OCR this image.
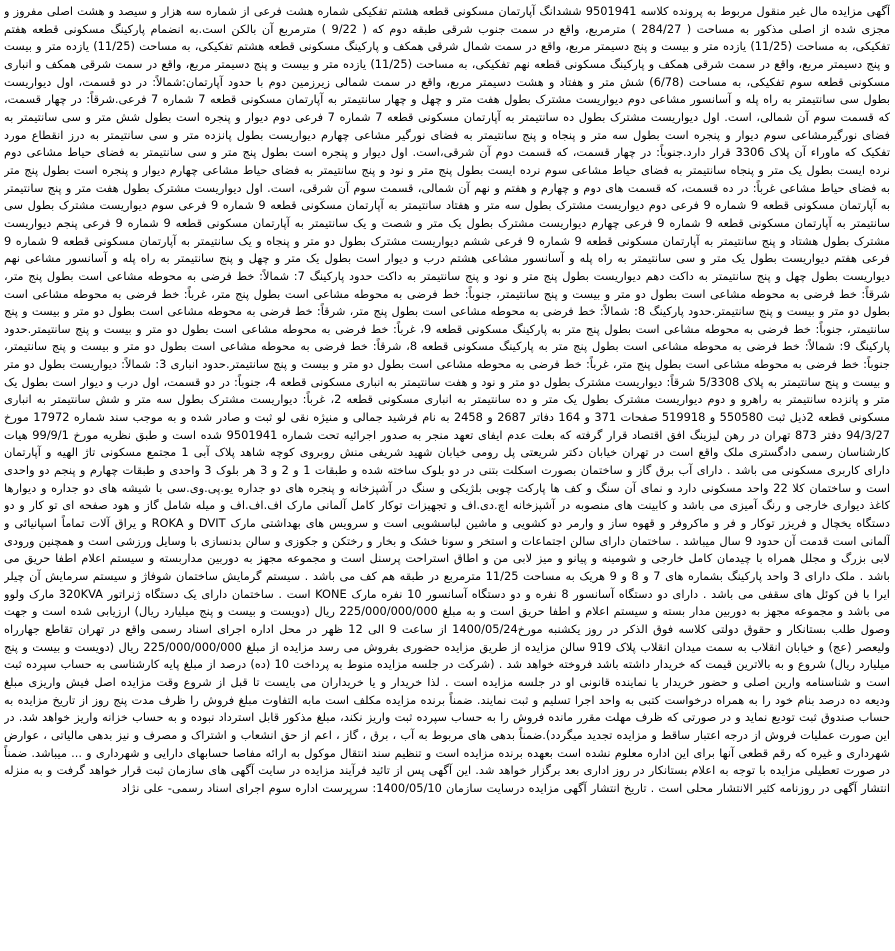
آگهی مزایده مال غیر منقول مربوط به پرونده کلاسه 9501941 ششدانگ آپارتمان مسکونی قطعه هشتم تفکیکی شماره هشت فرعی از شماره سه هزار و سیصد و هشت اصلی مفروز و مجزی شده از اصلی مذکور به مساحت ( 284/27 ) مترمربع، واقع در سمت جنوب شرقی طبقه دوم که ( 9/22 ) مترمربع آن بالکن است.به انضمام پارکینگ مسکونی قطعه هفتم تفکیکی، به مساحت (11/25) یازده متر و بیست و پنج دسیمتر مربع، واقع در سمت شمال شرقی همکف و پارکینگ مسکونی قطعه هشتم تفکیکی، به مساحت (11/25) یازده متر و بیست و پنج دسیمتر مربع، واقع در سمت شرقی همکف و پارکینگ مسکونی قطعه نهم تفکیکی، به مساحت (11/25) یازده متر و بیست و پنج دسیمتر مربع، واقع در سمت شرقی همکف و انباری مسکونی قطعه سوم تفکیکی، به مساحت (6/78) شش متر و هفتاد و هشت دسیمتر مربع، واقع در سمت شمالی زیرزمین دوم با حدود آپارتمان:شمالاً: در دو قسمت، اول دیواریست بطول سی سانتیمتر به راه پله و آسانسور مشاعی دوم دیواریست مشترک بطول هفت متر و چهل و چهار سانتیمتر به آپارتمان مسکونی قطعه 7 شماره 7 فرعی.شرقاً: در چهار قسمت، که قسمت سوم آن شمالی، است. اول دیواریست مشترک بطول ده سانتیمتر به آپارتمان مسکونی قطعه 7 شماره 7 فرعی دوم دیوار و پنجره است بطول شش متر و سی سانتیمتر به فضای نورگیرمشاعی سوم دیوار و پنجره است بطول سه متر و پنجاه و پنج سانتیمتر به فضای نورگیر مشاعی چهارم دیواریست بطول پانزده متر و سی سانتیمتر به درز انقطاع مورد تفکیک که ماوراء آن پلاک 3306 قرار دارد.جنوباً: در چهار قسمت، که قسمت دوم آن شرقی،است. اول دیوار و پنجره است بطول پنج متر و سی سانتیمتر به فضای حیاط مشاعی دوم نرده ایست بطول یک متر و پنجاه سانتیمتر به فضای حیاط مشاعی سوم نرده ایست بطول پنج متر و نود و پنج سانتیمتر به فضای حیاط مشاعی چهارم دیوار و پنجره است بطول پنج متر به فضای حیاط مشاعی غرباً: در ده قسمت، که قسمت های دوم و چهارم و هفتم و نهم آن شمالی، قسمت سوم آن شرقی، است. اول دیواریست مشترک بطول هفت متر و پنج سانتیمتر به آپارتمان مسکونی قطعه 9 شماره 9 فرعی دوم دیواریست مشترک بطول سه متر و هفتاد سانتیمتر به آپارتمان مسکونی قطعه 9 شماره 9 فرعی سوم دیواریست مشترک بطول سی سانتیمتر به آپارتمان مسکونی قطعه 9 شماره 9 فرعی چهارم دیواریست مشترک بطول یک متر و شصت و یک سانتیمتر به آپارتمان مسکونی قطعه 9 شماره 9 فرعی پنجم دیواریست مشترک بطول هشتاد و پنج سانتیمتر به آپارتمان مسکونی قطعه 9 شماره 9 فرعی ششم دیواریست مشترک بطول دو متر و پنجاه و یک سانتیمتر به آپارتمان مسکونی قطعه 9 شماره 9 فرعی هفتم دیواریست بطول یک متر و سی سانتیمتر به راه پله و آسانسور مشاعی هشتم درب و دیوار است بطول یک متر و چهل و پنج سانتیمتر به راه پله و آسانسور مشاعی نهم دیواریست بطول چهل و پنج سانتیمتر به داکت دهم دیواریست بطول پنج متر و نود و پنج سانتیمتر به داکت حدود پارکینگ 7: شمالاً: خط فرضی به محوطه مشاعی است بطول پنج متر، شرقاً: خط فرضی به محوطه مشاعی است بطول دو متر و بیست و پنج سانتیمتر، جنوباً: خط فرضی به محوطه مشاعی است بطول پنج متر، غرباً: خط فرضی به محوطه مشاعی است بطول دو متر و بیست و پنج سانتیمتر.حدود پارکینگ 8: شمالاً: خط فرضی به محوطه مشاعی است بطول پنج متر، شرقاً: خط فرضی به محوطه مشاعی است بطول دو متر و بیست و پنج سانتیمتر، جنوباً: خط فرضی به محوطه مشاعی است بطول پنج متر به پارکینگ مسکونی قطعه 9، غرباً: خط فرضی به محوطه مشاعی است بطول دو متر و بیست و پنج سانتیمتر.حدود پارکینگ 9: شمالاً: خط فرضی به محوطه مشاعی است بطول پنج متر به پارکینگ مسکونی قطعه 8، شرقاً: خط فرضی به محوطه مشاعی است بطول دو متر و بیست و پنج سانتیمتر، جنوباً: خط فرضی به محوطه مشاعی است بطول پنج متر، غرباً: خط فرضی به محوطه مشاعی است بطول دو متر و بیست و پنج سانتیمتر.حدود انباری 3: شمالاً: دیواریست بطول دو متر و بیست و پنج سانتیمتر به پلاک 5/3308 شرقاً: دیواریست مشترک بطول دو متر و نود و هفت سانتیمتر به انباری مسکونی قطعه 4، جنوباً: در دو قسمت، اول درب و دیوار است بطول یک متر و پانزده سانتیمتر به راهرو و دوم دیواریست مشترک بطول یک متر و ده سانتیمتر به انباری مسکونی قطعه 2، غرباً: دیواریست مشترک بطول سه متر و شش سانتیمتر به انباری مسکونی قطعه 2ذیل ثبت 550580 و 519918 صفحات 371 و 164 دفاتر 2687 و 2458 به نام فرشید جمالی و منیژه نقی لو ثبت و صادر شده و به موجب سند شماره 17972 مورخ 94/3/27 دفتر 873 تهران در رهن لیزینگ افق اقتصاد قرار گرفته که بعلت عدم ایفای تعهد منجر به صدور اجرائیه تحت شماره 9501941 شده است و طبق نظریه مورخ 99/9/1 هیات کارشناسان رسمی دادگستری ملک واقع است در تهران خیابان دکتر شریعتی پل رومی خیابان شهید شریفی منش روبروی کوچه شاهد پلاک آبی 1 مجتمع مسکونی تاژ الهیه و آپارتمان دارای کاربری مسکونی می باشد . دارای آب برق گاز و ساختمان بصورت اسکلت بتنی در دو بلوک ساخته شده و طبقات 1 و 2 و 3 هر بلوک 3 واحدی و طبقات چهارم و پنجم دو واحدی است و ساختمان کلا 22 واحد مسکونی دارد و نمای آن سنگ و کف ها پارکت چوبی بلژیکی و سنگ در آشپزخانه و پنجره های دو جداره یو.پی.وی.سی با شیشه های دو جداره و دیوارها کاغذ دیواری خارجی و رنگ آمیزی می باشد و کابینت های منصوبه در آشپزخانه اچ.دی.اف و تجهیزات توکار کامل آلمانی مارک اف.اف.اف و میله شامل گاز و هود صفحه ای تو کار و دو دستگاه یخچال و فریزر توکار و فر و ماکروفر و قهوه ساز و وارمر دو کشویی و ماشین لباسشویی است و سرویس های بهداشتی مارک DVIT و ROKA و یراق آلات تماماً اسپانیائی و آلمانی است قدمت آن حدود 9 سال میباشد . ساختمان دارای سالن اجتماعات و استخر و سونا خشک و بخار و رختکن و جکوزی و سالن بدنسازی با وسایل ورزشی است و همچنین ورودی لابی بزرگ و مجلل همراه با چیدمان کامل خارجی و شومینه و پیانو و میز لابی من و اطاق استراحت پرسنل است و مجموعه مجهز به دوربین مداربسته و سیستم اعلام اطفا حریق می باشد . ملک دارای 3 واحد پارکینگ بشماره های 7 و 8 و 9 هریک به مساحت 11/25 مترمربع در طبقه هم کف می باشد . سیستم گرمایش ساختمان شوفاژ و سیستم سرمایش آن چیلر ایرا با فن کوئل های سقفی می باشد . دارای دو دستگاه آسانسور 8 نفره و دو دستگاه آسانسور 10 نفره مارک KONE است . ساختمان دارای یک دستگاه ژنراتور 320KVA مارک ولوو می باشد و مجموعه مجهز به دوربین مدار بسته و سیستم اعلام و اطفا حریق است و به مبلغ 225/000/000/000 ریال (دویست و بیست و پنج میلیارد ریال) ارزیابی شده است و جهت وصول طلب بستانکار و حقوق دولتی کلاسه فوق الذکر در روز یکشنبه مورخ1400/05/24 از ساعت 9 الی 12 ظهر در محل اداره اجرای اسناد رسمی واقع در تهران تقاطع جهارراه ولیعصر (عج) و خیابان انقلاب به سمت میدان انقلاب پلاک 919 سالن مزایده از طریق مزایده حضوری بفروش می رسد مزایده از مبلغ 225/000/000/000 ریال (دویست و بیست و پنج میلیارد ریال) شروع و به بالاترین قیمت که خریدار داشته باشد فروخته خواهد شد . (شرکت در جلسه مزایده منوط به پرداخت 10 (ده) درصد از مبلغ پایه کارشناسی به حساب سپرده ثبت است و شناسنامه وارین اصلی و حضور خریدار یا نماینده قانونی او در جلسه مزایده است . لذا خریدار و یا خریداران می بایست تا قبل از شروع وقت مزایده اصل فیش واریزی مبلغ ودیعه ده درصد بنام خود را به همراه درخواست کتبی به واحد اجرا تسلیم و ثبت نمایند. ضمناً برنده مزایده مکلف است مابه التفاوت مبلغ فروش را ظرف مدت پنج روز از تاریخ مزایده به حساب صندوق ثبت توديع نماید و در صورتی که ظرف مهلت مقرر مانده فروش را به حساب سپرده ثبت واریز نکند، مبلغ مذکور قابل استرداد نبوده و به حساب خزانه واریز خواهد شد. در این صورت عملیات فروش از درجه اعتبار ساقط و مزایده تجدید میگردد).ضمناً بدهی های مربوط به آب ، برق ، گاز ، اعم از حق انشعاب و اشتراک و مصرف و نیز بدهی مالیاتی ، عوارض شهرداری و غیره که رقم قطعی آنها برای این اداره معلوم نشده است بعهده برنده مزایده است و تنظیم سند انتقال موکول به ارائه مفاصا حسابهای دارایی و شهرداری و ... میباشد. ضمناً در صورت تعطیلی مزایده با توجه به اعلام بستانکار در روز اداری بعد برگزار خواهد شد. این آگهی پس از تائید فرآیند مزایده در سایت آگهی های سازمان ثبت قرار خواهد گرفت و به منزله انتشار آگهی در روزنامه کثیر الانتشار محلی است . تاریخ انتشار آگهی مزایده درسایت سازمان 1400/05/10: سرپرست اداره سوم اجرای اسناد رسمی- علی نژاد
